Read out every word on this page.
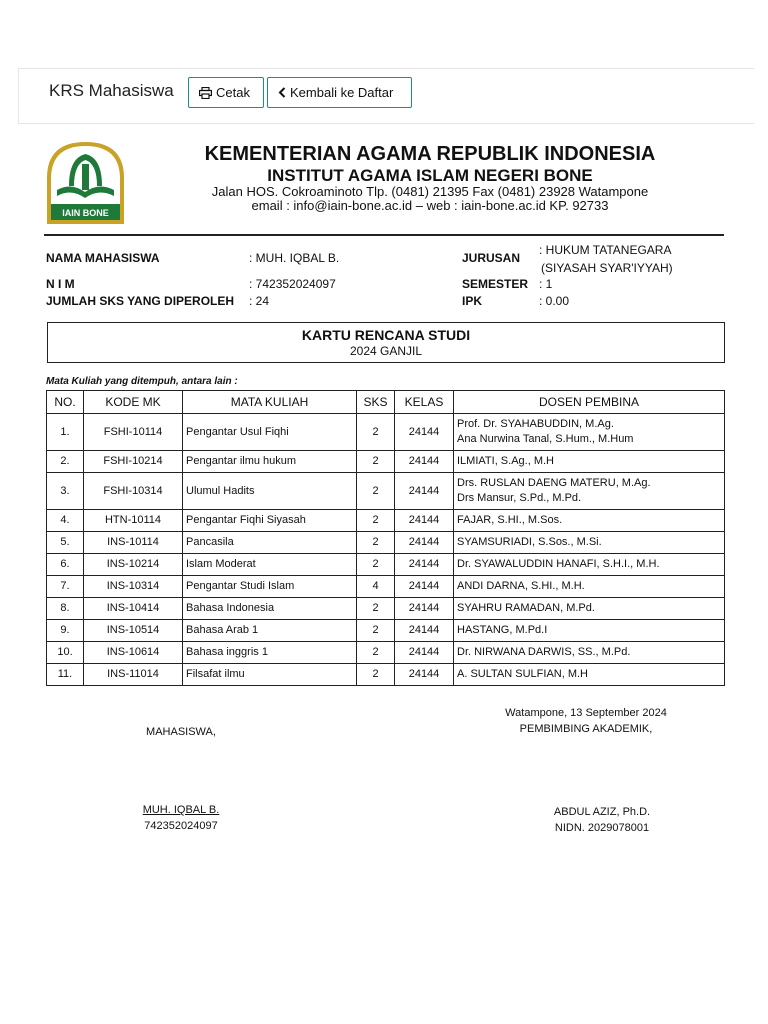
KRS Mahasiswa	Cetak	Kembali ke Daftar
IAIN BONE
KEMENTERIAN AGAMA REPUBLIK INDONESIA
INSTITUT AGAMA ISLAM NEGERI BONE
Jalan HOS. Cokroaminoto Tlp. (0481) 21395 Fax (0481) 23928 Watampone
email : info@iain-bone.ac.id – web : iain-bone.ac.id KP. 92733
NAMA MAHASISWA	: MUH. IQBAL B.
N I M	: 742352024097
JUMLAH SKS YANG DIPEROLEH : 24
JURUSAN
: HUKUM TATANEGARA
(SIYASAH SYAR'IYYAH)
SEMESTER : 1
IPK	: 0.00
KARTU RENCANA STUDI
2024 GANJIL
Mata Kuliah yang ditempuh, antara lain :
NO.	KODE MK	MATA KULIAH	SKS	KELAS	DOSEN PEMBINA
1.	FSHI-10114	Pengantar Usul Fiqhi	2	24144	Prof. Dr. SYAHABUDDIN, M.Ag.
Ana Nurwina Tanal, S.Hum., M.Hum

2.	FSHI-10214	Pengantar ilmu hukum	2	24144	ILMIATI, S.Ag., M.H

3.	FSHI-10314	Ulumul Hadits	2	24144	Drs. RUSLAN DAENG MATERU, M.Ag.
Drs Mansur, S.Pd., M.Pd.

4.	HTN-10114	Pengantar Fiqhi Siyasah	2	24144	FAJAR, S.HI., M.Sos.

5.	INS-10114	Pancasila	2	24144	SYAMSURIADI, S.Sos., M.Si.

6.	INS-10214	Islam Moderat	2	24144	Dr. SYAWALUDDIN HANAFI, S.H.I., M.H.

7.	INS-10314	Pengantar Studi Islam	4	24144	ANDI DARNA, S.HI., M.H.

8.	INS-10414	Bahasa Indonesia	2	24144	SYAHRU RAMADAN, M.Pd.

9.	INS-10514	Bahasa Arab 1	2	24144	HASTANG, M.Pd.I

10.	INS-10614	Bahasa inggris 1	2	24144	Dr. NIRWANA DARWIS, SS., M.Pd.

11.	INS-11014	Filsafat ilmu	2	24144	A. SULTAN SULFIAN, M.H
Watampone, 13 September 2024
MAHASISWA,	PEMBIMBING AKADEMIK,
MUH. IQBAL B.
742352024097
ABDUL AZIZ, Ph.D.
NIDN. 2029078001
